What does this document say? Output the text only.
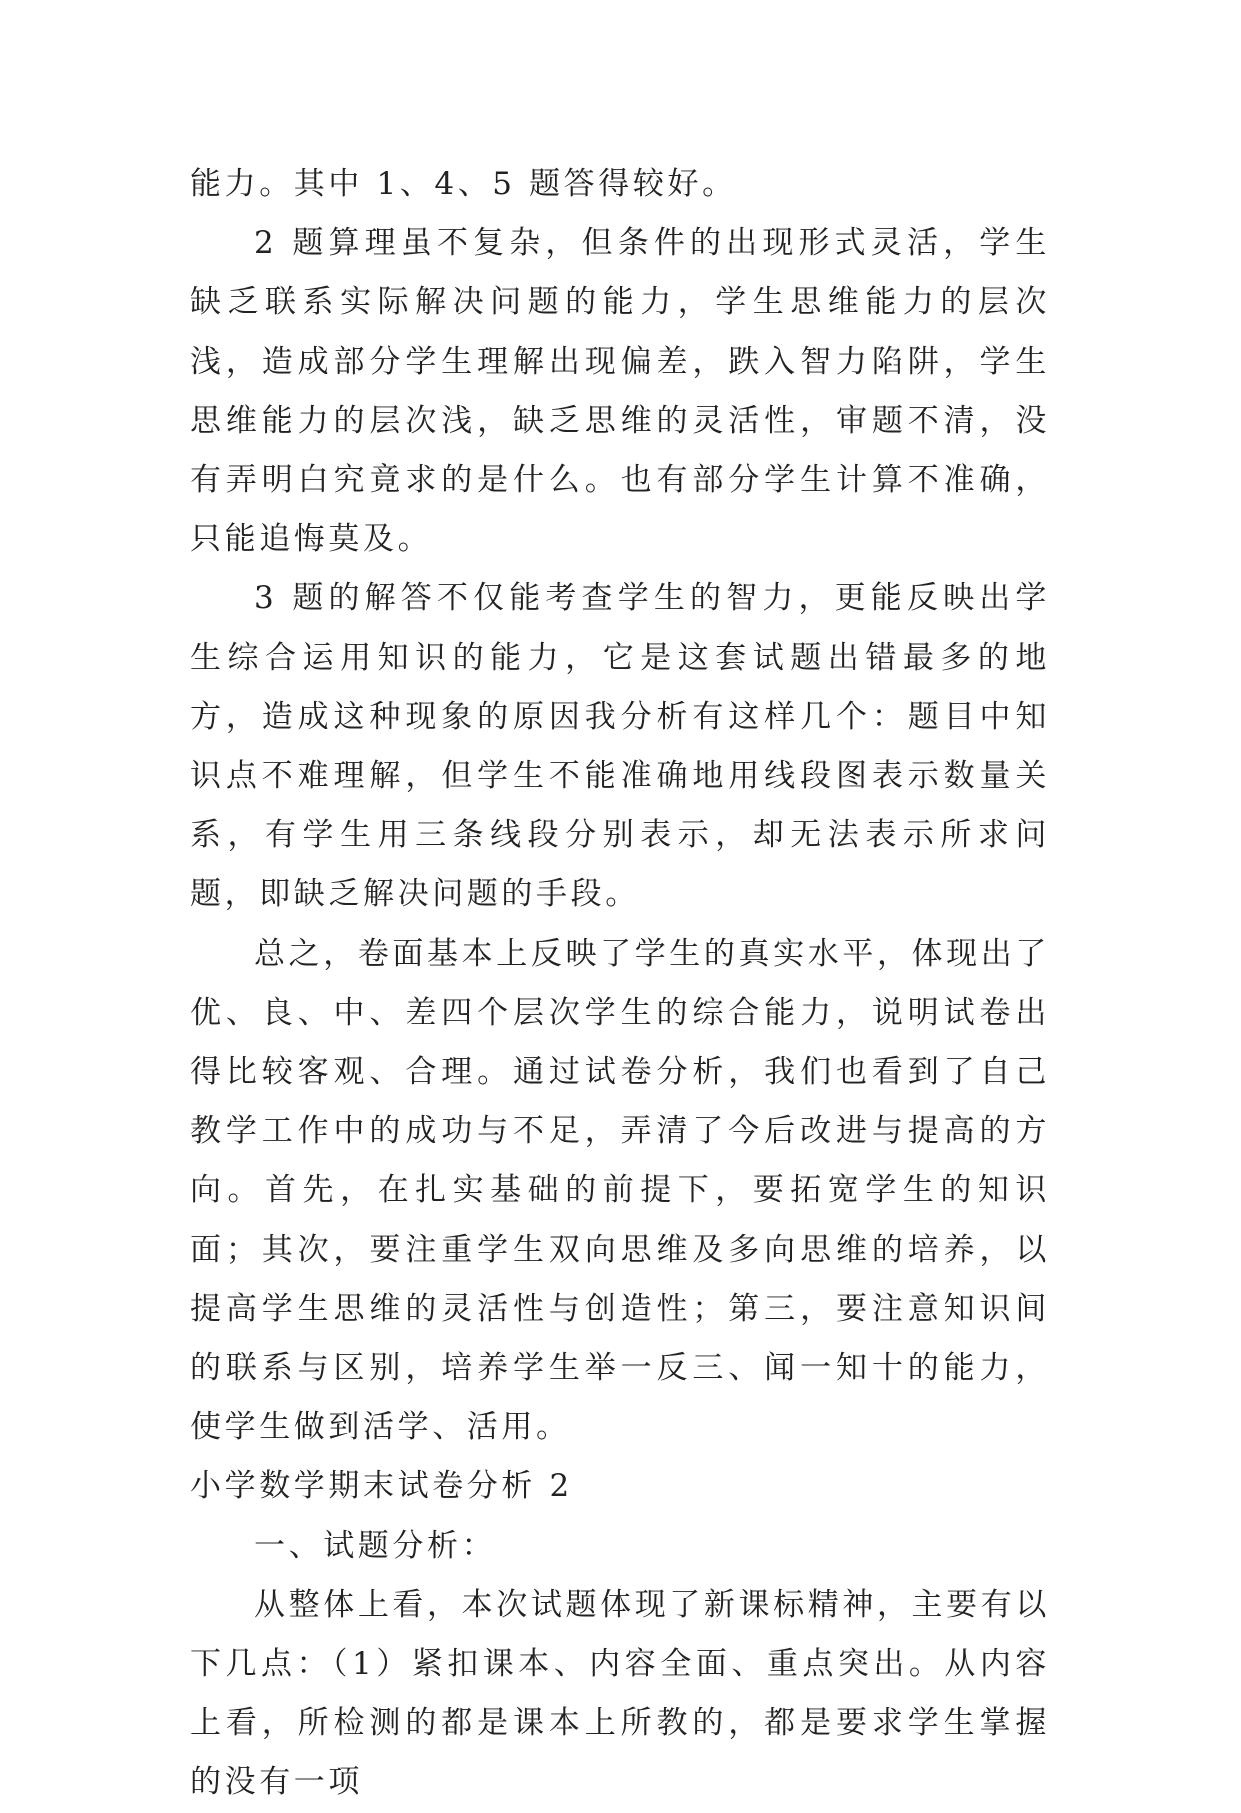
能力。其中 1、4、5 题答得较好。

2 题算理虽不复杂，但条件的出现形式灵活，学生缺乏联系实际解决问题的能力，学生思维能力的层次浅，造成部分学生理解出现偏差，跌入智力陷阱，学生思维能力的层次浅，缺乏思维的灵活性，审题不清，没有弄明白究竟求的是什么。也有部分学生计算不准确，只能追悔莫及。

3 题的解答不仅能考查学生的智力，更能反映出学生综合运用知识的能力，它是这套试题出错最多的地方，造成这种现象的原因我分析有这样几个：题目中知识点不难理解，但学生不能准确地用线段图表示数量关系，有学生用三条线段分别表示，却无法表示所求问题，即缺乏解决问题的手段。

总之，卷面基本上反映了学生的真实水平，体现出了优、良、中、差四个层次学生的综合能力，说明试卷出得比较客观、合理。通过试卷分析，我们也看到了自己教学工作中的成功与不足，弄清了今后改进与提高的方向。首先，在扎实基础的前提下，要拓宽学生的知识面；其次，要注重学生双向思维及多向思维的培养，以提高学生思维的灵活性与创造性；第三，要注意知识间的联系与区别，培养学生举一反三、闻一知十的能力，使学生做到活学、活用。

小学数学期末试卷分析 2

一、试题分析：

从整体上看，本次试题体现了新课标精神，主要有以下几点：（1）紧扣课本、内容全面、重点突出。从内容上看，所检测的都是课本上所教的，都是要求学生掌握的没有一项
